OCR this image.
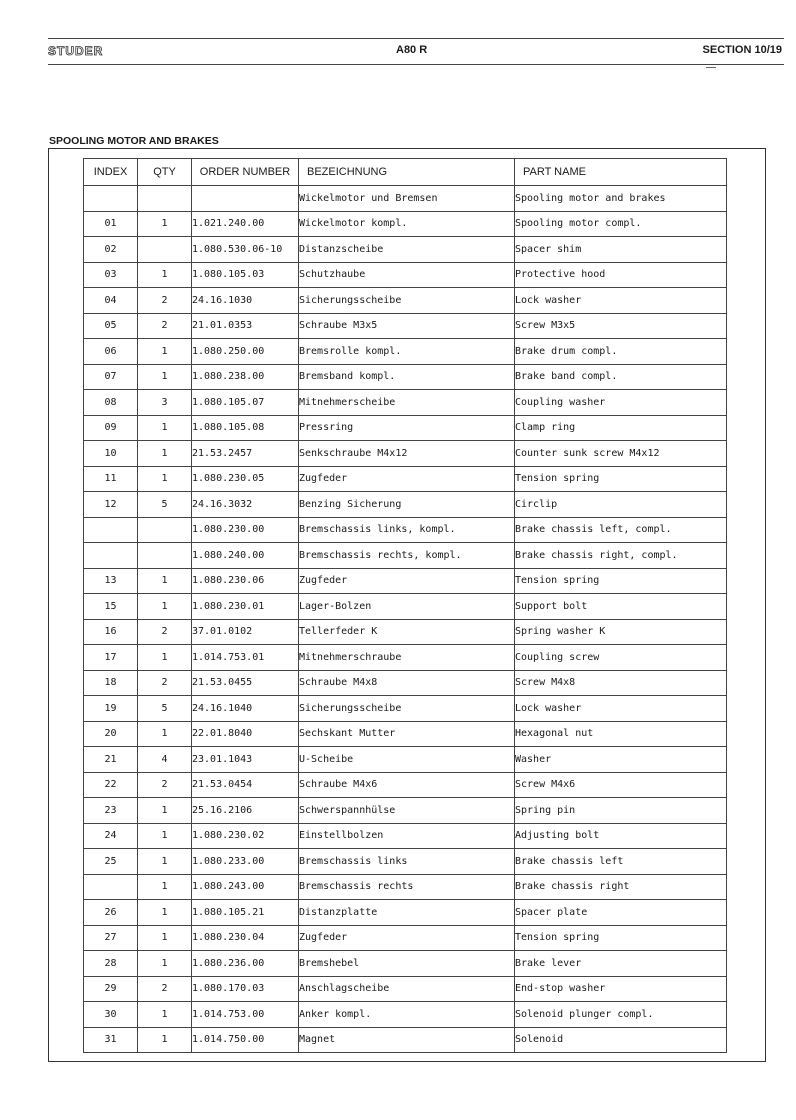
STUDER	A80 R	SECTION 10/19
SPOOLING MOTOR AND BRAKES
INDEX	QTY	ORDER NUMBER	BEZEICHNUNG	PART NAME
			Wickelmotor und Bremsen	Spooling motor and brakes
01	1	1.021.240.00	Wickelmotor kompl.	Spooling motor compl.
02		1.080.530.06-10	Distanzscheibe	Spacer shim
03	1	1.080.105.03	Schutzhaube	Protective hood
04	2	24.16.1030	Sicherungsscheibe	Lock washer
05	2	21.01.0353	Schraube M3x5	Screw M3x5
06	1	1.080.250.00	Bremsrolle kompl.	Brake drum compl.
07	1	1.080.238.00	Bremsband kompl.	Brake band compl.
08	3	1.080.105.07	Mitnehmerscheibe	Coupling washer
09	1	1.080.105.08	Pressring	Clamp ring
10	1	21.53.2457	Senkschraube M4x12	Counter sunk screw M4x12
11	1	1.080.230.05	Zugfeder	Tension spring
12	5	24.16.3032	Benzing Sicherung	Circlip
		1.080.230.00	Bremschassis links, kompl.	Brake chassis left, compl.
		1.080.240.00	Bremschassis rechts, kompl.	Brake chassis right, compl.
13	1	1.080.230.06	Zugfeder	Tension spring
15	1	1.080.230.01	Lager-Bolzen	Support bolt
16	2	37.01.0102	Tellerfeder K	Spring washer K
17	1	1.014.753.01	Mitnehmerschraube	Coupling screw
18	2	21.53.0455	Schraube M4x8	Screw M4x8
19	5	24.16.1040	Sicherungsscheibe	Lock washer
20	1	22.01.8040	Sechskant Mutter	Hexagonal nut
21	4	23.01.1043	U-Scheibe	Washer
22	2	21.53.0454	Schraube M4x6	Screw M4x6
23	1	25.16.2106	Schwerspannhülse	Spring pin
24	1	1.080.230.02	Einstellbolzen	Adjusting bolt
25	1	1.080.233.00	Bremschassis links	Brake chassis left
	1	1.080.243.00	Bremschassis rechts	Brake chassis right
26	1	1.080.105.21	Distanzplatte	Spacer plate
27	1	1.080.230.04	Zugfeder	Tension spring
28	1	1.080.236.00	Bremshebel	Brake lever
29	2	1.080.170.03	Anschlagscheibe	End-stop washer
30	1	1.014.753.00	Anker kompl.	Solenoid plunger compl.
31	1	1.014.750.00	Magnet	Solenoid
